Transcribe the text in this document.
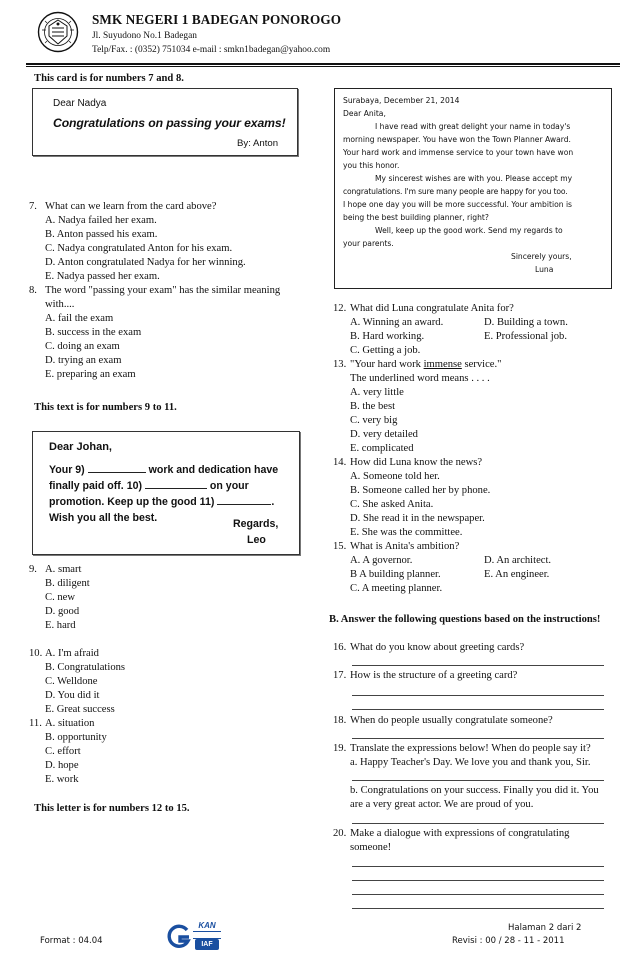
SMK NEGERI 1 BADEGAN PONOROGO
Jl. Suyudono No.1 Badegan
Telp/Fax. : (0352) 751034 e-mail : smkn1badegan@yahoo.com
This card is for numbers 7 and 8.
Dear Nadya
Congratulations on passing your exams!
By: Anton
7. What can we learn from the card above?
A. Nadya failed her exam.
B. Anton passed his exam.
C. Nadya congratulated Anton for his exam.
D. Anton congratulated Nadya for her winning.
E. Nadya passed her exam.
8. The word "passing your exam" has the similar meaning
with....
A. fail the exam
B. success in the exam
C. doing an exam
D. trying an exam
E. preparing an exam
This text is for numbers 9 to 11.
Dear Johan,
Your 9)	work and dedication have
finally paid off. 10)	on your
promotion. Keep up the good 11)	.
Wish you all the best.	Regards,
Leo
9. A. smart
B. diligent
C. new
D. good
E. hard
10. A. I'm afraid
B. Congratulations
C. Welldone
D. You did it
E. Great success
11. A. situation
B. opportunity
C. effort
D. hope
E. work
This letter is for numbers 12 to 15.
Surabaya, December 21, 2014
Dear Anita,
I have read with great delight your name in today's
morning newspaper. You have won the Town Planner Award.
Your hard work and immense service to your town have won
you this honor.
My sincerest wishes are with you. Please accept my
congratulations. I'm sure many people are happy for you too.
I hope one day you will be more successful. Your ambition is
being the best building planner, right?
Well, keep up the good work. Send my regards to
your parents.
Sincerely yours,
Luna
12. What did Luna congratulate Anita for?
A. Winning an award.	D. Building a town.
B. Hard working.	E. Professional job.
C. Getting a job.
13. "Your hard work immense service."
The underlined word means . . . .
A. very little
B. the best
C. very big
D. very detailed
E. complicated
14. How did Luna know the news?
A. Someone told her.
B. Someone called her by phone.
C. She asked Anita.
D. She read it in the newspaper.
E. She was the committee.
15. What is Anita's ambition?
A. A governor.	D. An architect.
B A building planner.	E. An engineer.
C. A meeting planner.
B. Answer the following questions based on the instructions!
16. What do you know about greeting cards?
17. How is the structure of a greeting card?
18. When do people usually congratulate someone?
19. Translate the expressions below! When do people say it?
a. Happy Teacher's Day. We love you and thank you, Sir.
b. Congratulations on your success. Finally you did it. You
are a very great actor. We are proud of you.
20. Make a dialogue with expressions of congratulating
someone!
Format : 04.04
KAN
IAF
Halaman 2 dari 2
Revisi : 00 / 28 - 11 - 2011
